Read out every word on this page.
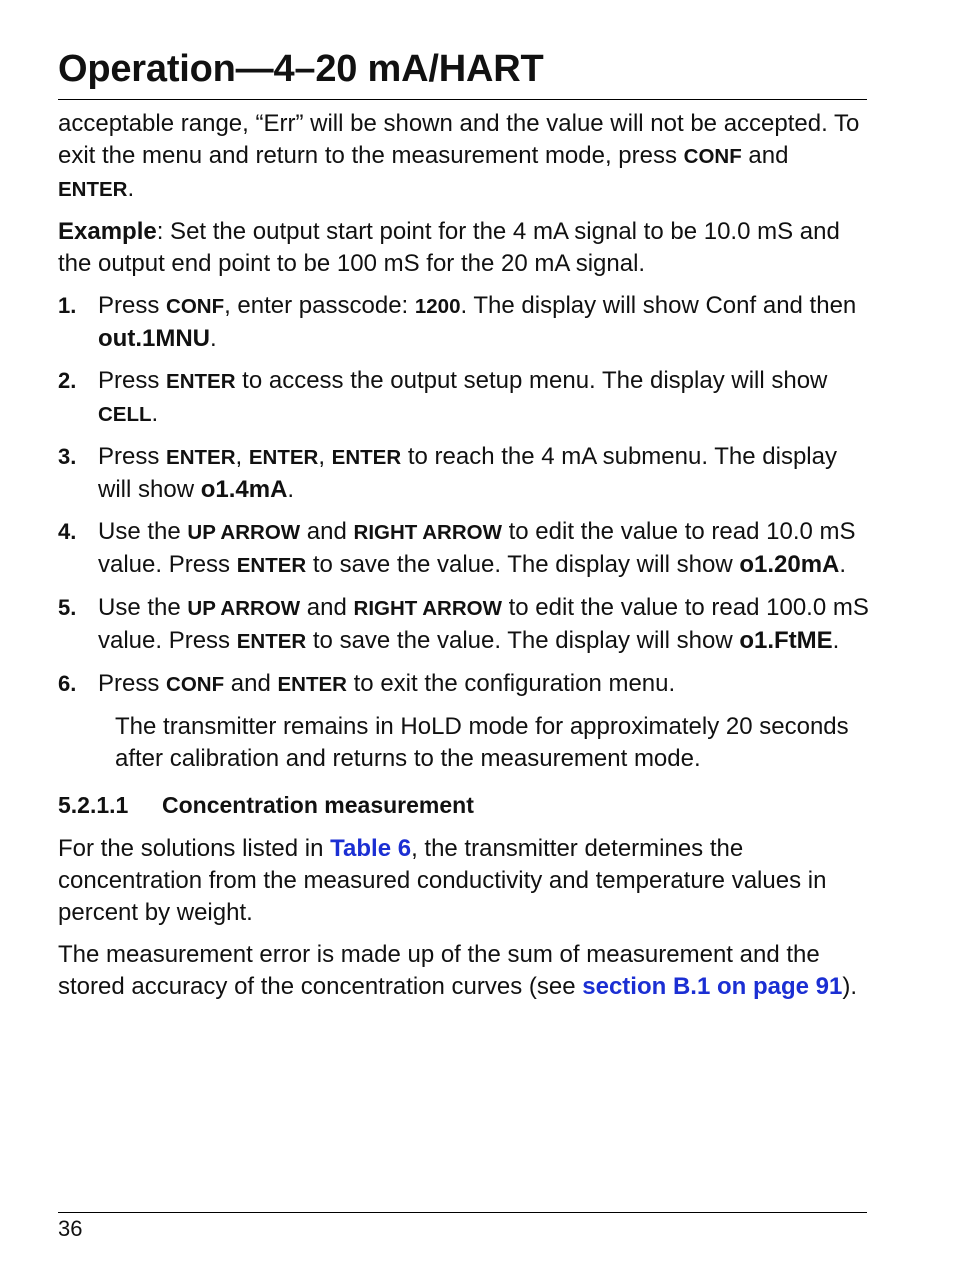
Operation—4–20 mA/HART

acceptable range, “Err” will be shown and the value will not be accepted. To exit the menu and return to the measurement mode, press CONF and ENTER.

Example: Set the output start point for the 4 mA signal to be 10.0 mS and the output end point to be 100 mS for the 20 mA signal.

1. Press CONF, enter passcode: 1200. The display will show Conf and then out.1MNU.
2. Press ENTER to access the output setup menu. The display will show CELL.
3. Press ENTER, ENTER, ENTER to reach the 4 mA submenu. The display will show o1.4mA.
4. Use the UP ARROW and RIGHT ARROW to edit the value to read 10.0 mS value. Press ENTER to save the value. The display will show o1.20mA.
5. Use the UP ARROW and RIGHT ARROW to edit the value to read 100.0 mS value. Press ENTER to save the value. The display will show o1.FtME.
6. Press CONF and ENTER to exit the configuration menu.

The transmitter remains in HoLD mode for approximately 20 seconds after calibration and returns to the measurement mode.

5.2.1.1 Concentration measurement

For the solutions listed in Table 6, the transmitter determines the concentration from the measured conductivity and temperature values in percent by weight.

The measurement error is made up of the sum of measurement and the stored accuracy of the concentration curves (see section B.1 on page 91).

36
